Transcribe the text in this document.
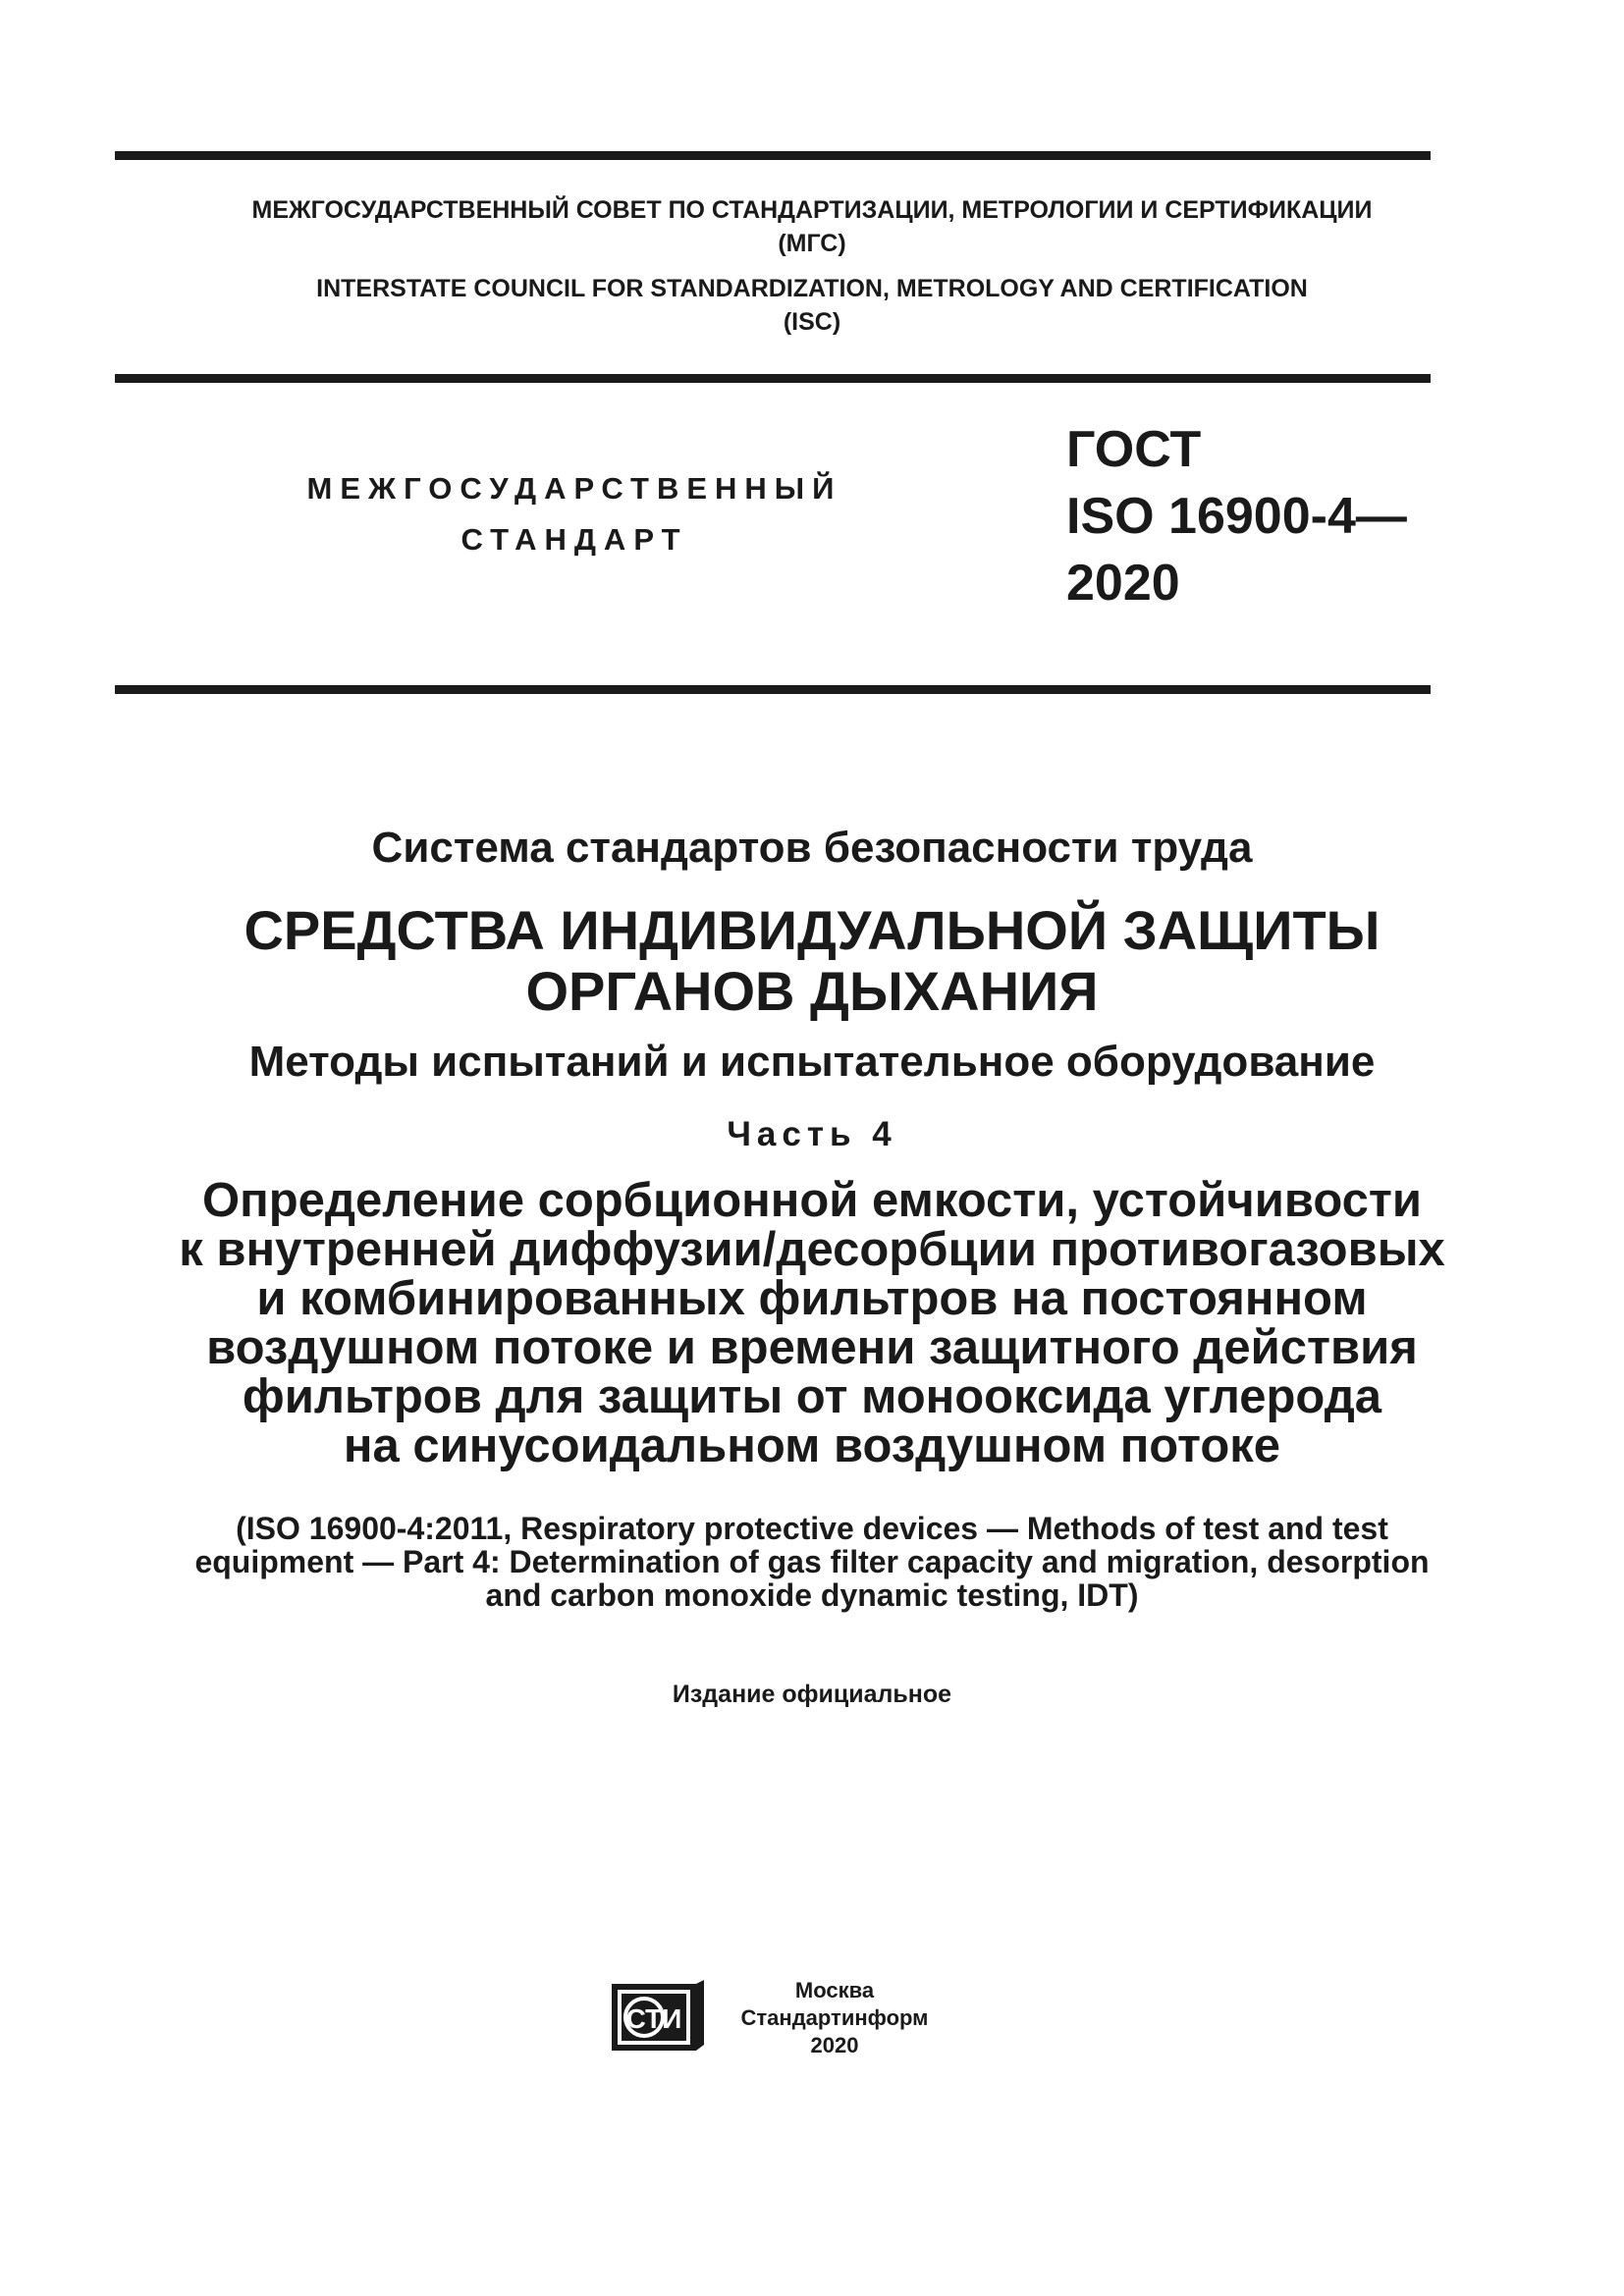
МЕЖГОСУДАРСТВЕННЫЙ СОВЕТ ПО СТАНДАРТИЗАЦИИ, МЕТРОЛОГИИ И СЕРТИФИКАЦИИ
(МГС)
INTERSTATE COUNCIL FOR STANDARDIZATION, METROLOGY AND CERTIFICATION
(ISC)
МЕЖГОСУДАРСТВЕННЫЙ
СТАНДАРТ
ГОСТ
ISO 16900-4—
2020
Система стандартов безопасности труда
СРЕДСТВА ИНДИВИДУАЛЬНОЙ ЗАЩИТЫ
ОРГАНОВ ДЫХАНИЯ
Методы испытаний и испытательное оборудование
Часть 4
Определение сорбционной емкости, устойчивости
к внутренней диффузии/десорбции противогазовых
и комбинированных фильтров на постоянном
воздушном потоке и времени защитного действия
фильтров для защиты от монооксида углерода
на синусоидальном воздушном потоке
(ISO 16900-4:2011, Respiratory protective devices — Methods of test and test
equipment — Part 4: Determination of gas filter capacity and migration, desorption
and carbon monoxide dynamic testing, IDT)
Издание официальное
СТИ
Москва
Стандартинформ
2020
